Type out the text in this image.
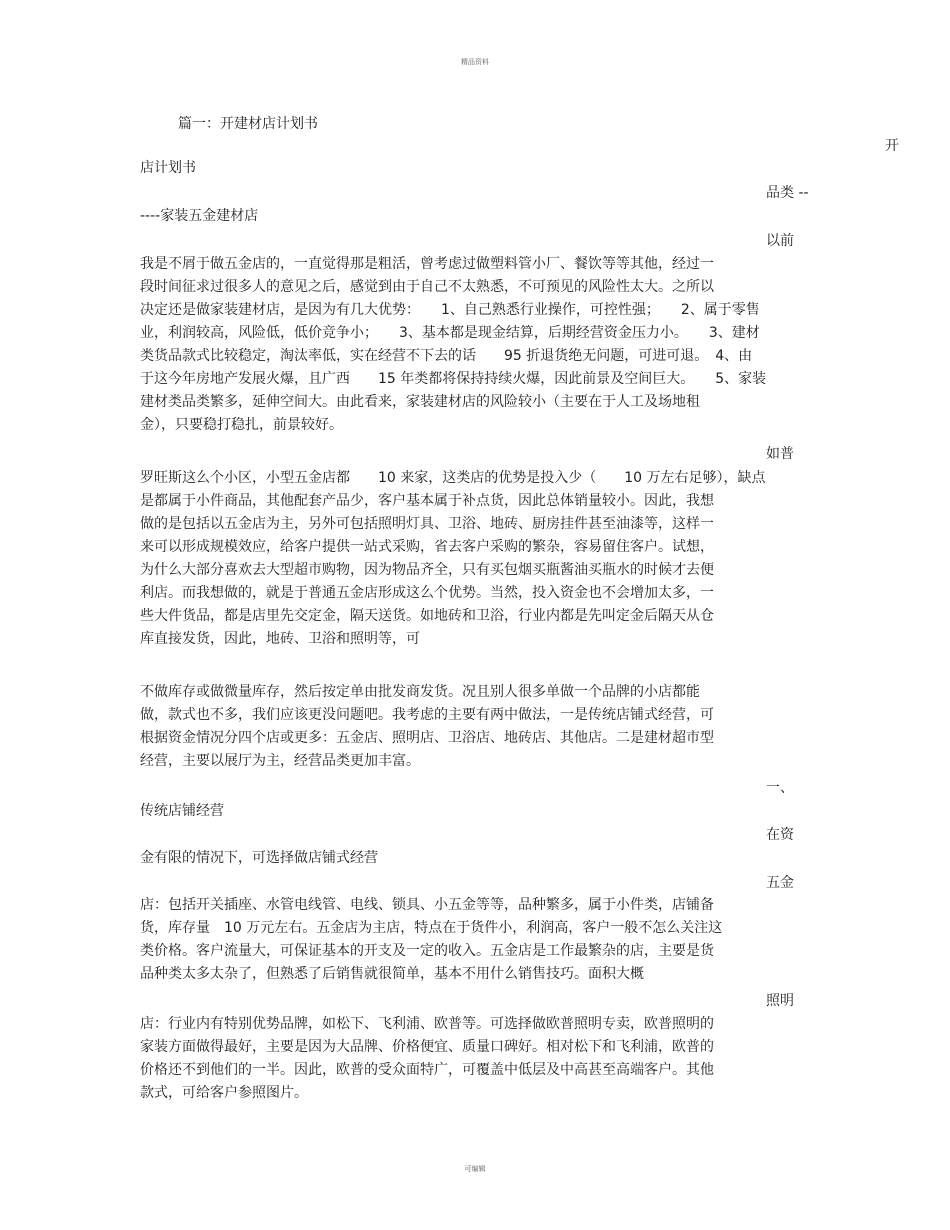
精品资料
篇一：开建材店计划书
开
店计划书
品类 --
----家装五金建材店
以前
我是不屑于做五金店的，一直觉得那是粗活，曾考虑过做塑料管小厂、餐饮等等其他，经过一
段时间征求过很多人的意见之后，感觉到由于自己不太熟悉，不可预见的风险性太大。之所以
决定还是做家装建材店，是因为有几大优势：　　1、自己熟悉行业操作，可控性强；　　2、属于零售
业，利润较高，风险低，低价竞争小；　　3、基本都是现金结算，后期经营资金压力小。　　3、建材
类货品款式比较稳定，淘汰率低，实在经营不下去的话　　95 折退货绝无问题，可进可退。　4、由
于这今年房地产发展火爆，且广西　　15 年类都将保持持续火爆，因此前景及空间巨大。　　5、家装
建材类品类繁多，延伸空间大。由此看来，家装建材店的风险较小（主要在于人工及场地租
金），只要稳打稳扎，前景较好。
如普
罗旺斯这么个小区，小型五金店都　　10 来家，这类店的优势是投入少（　　10 万左右足够），缺点
是都属于小件商品，其他配套产品少，客户基本属于补点货，因此总体销量较小。因此，我想
做的是包括以五金店为主，另外可包括照明灯具、卫浴、地砖、厨房挂件甚至油漆等，这样一
来可以形成规模效应，给客户提供一站式采购，省去客户采购的繁杂，容易留住客户。试想，
为什么大部分喜欢去大型超市购物，因为物品齐全，只有买包烟买瓶酱油买瓶水的时候才去便
利店。而我想做的，就是于普通五金店形成这么个优势。当然，投入资金也不会增加太多，一
些大件货品，都是店里先交定金，隔天送货。如地砖和卫浴，行业内都是先叫定金后隔天从仓
库直接发货，因此，地砖、卫浴和照明等，可
不做库存或做微量库存，然后按定单由批发商发货。况且别人很多单做一个品牌的小店都能
做，款式也不多，我们应该更没问题吧。我考虑的主要有两中做法，一是传统店铺式经营，可
根据资金情况分四个店或更多：五金店、照明店、卫浴店、地砖店、其他店。二是建材超市型
经营，主要以展厅为主，经营品类更加丰富。
一、
传统店铺经营
在资
金有限的情况下，可选择做店铺式经营
五金
店：包括开关插座、水管电线管、电线、锁具、小五金等等，品种繁多，属于小件类，店铺备
货，库存量　10 万元左右。五金店为主店，特点在于货件小，利润高，客户一般不怎么关注这
类价格。客户流量大，可保证基本的开支及一定的收入。五金店是工作最繁杂的店，主要是货
品种类太多太杂了，但熟悉了后销售就很简单，基本不用什么销售技巧。面积大概
照明
店：行业内有特别优势品牌，如松下、飞利浦、欧普等。可选择做欧普照明专卖，欧普照明的
家装方面做得最好，主要是因为大品牌、价格便宜、质量口碑好。相对松下和飞利浦，欧普的
价格还不到他们的一半。因此，欧普的受众面特广，可覆盖中低层及中高甚至高端客户。其他
款式，可给客户参照图片。
可编辑
